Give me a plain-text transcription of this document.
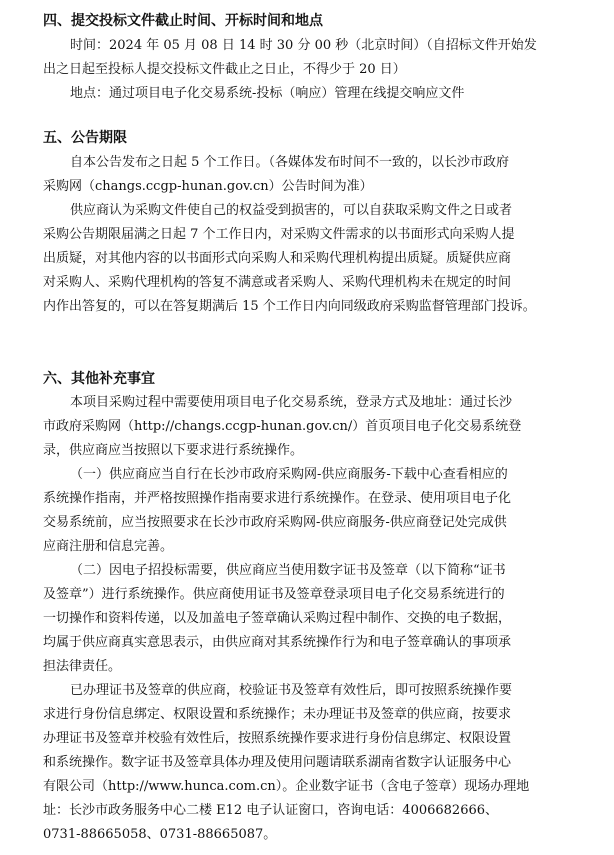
四、提交投标文件截止时间、开标时间和地点

时间：2024 年 05 月 08 日 14 时 30 分 00 秒（北京时间）（自招标文件开始发
出之日起至投标人提交投标文件截止之日止，不得少于 20 日）

地点：通过项目电子化交易系统-投标（响应）管理在线提交响应文件

五、公告期限

自本公告发布之日起 5 个工作日。（各媒体发布时间不一致的，以长沙市政府
采购网（changs.ccgp-hunan.gov.cn）公告时间为准）

供应商认为采购文件使自己的权益受到损害的，可以自获取采购文件之日或者
采购公告期限届满之日起 7 个工作日内，对采购文件需求的以书面形式向采购人提
出质疑，对其他内容的以书面形式向采购人和采购代理机构提出质疑。质疑供应商
对采购人、采购代理机构的答复不满意或者采购人、采购代理机构未在规定的时间
内作出答复的，可以在答复期满后 15 个工作日内向同级政府采购监督管理部门投诉。

六、其他补充事宜

本项目采购过程中需要使用项目电子化交易系统，登录方式及地址：通过长沙
市政府采购网（http://changs.ccgp-hunan.gov.cn/）首页项目电子化交易系统登
录，供应商应当按照以下要求进行系统操作。

（一）供应商应当自行在长沙市政府采购网-供应商服务-下载中心查看相应的
系统操作指南，并严格按照操作指南要求进行系统操作。在登录、使用项目电子化
交易系统前，应当按照要求在长沙市政府采购网-供应商服务-供应商登记处完成供
应商注册和信息完善。

（二）因电子招投标需要，供应商应当使用数字证书及签章（以下简称“证书
及签章”）进行系统操作。供应商使用证书及签章登录项目电子化交易系统进行的
一切操作和资料传递，以及加盖电子签章确认采购过程中制作、交换的电子数据，
均属于供应商真实意思表示，由供应商对其系统操作行为和电子签章确认的事项承
担法律责任。

已办理证书及签章的供应商，校验证书及签章有效性后，即可按照系统操作要
求进行身份信息绑定、权限设置和系统操作；未办理证书及签章的供应商，按要求
办理证书及签章并校验有效性后，按照系统操作要求进行身份信息绑定、权限设置
和系统操作。数字证书及签章具体办理及使用问题请联系湖南省数字认证服务中心
有限公司（http://www.hunca.com.cn）。企业数字证书（含电子签章）现场办理地
址：长沙市政务服务中心二楼 E12 电子认证窗口，咨询电话：4006682666、
0731-88665058、0731-88665087。
